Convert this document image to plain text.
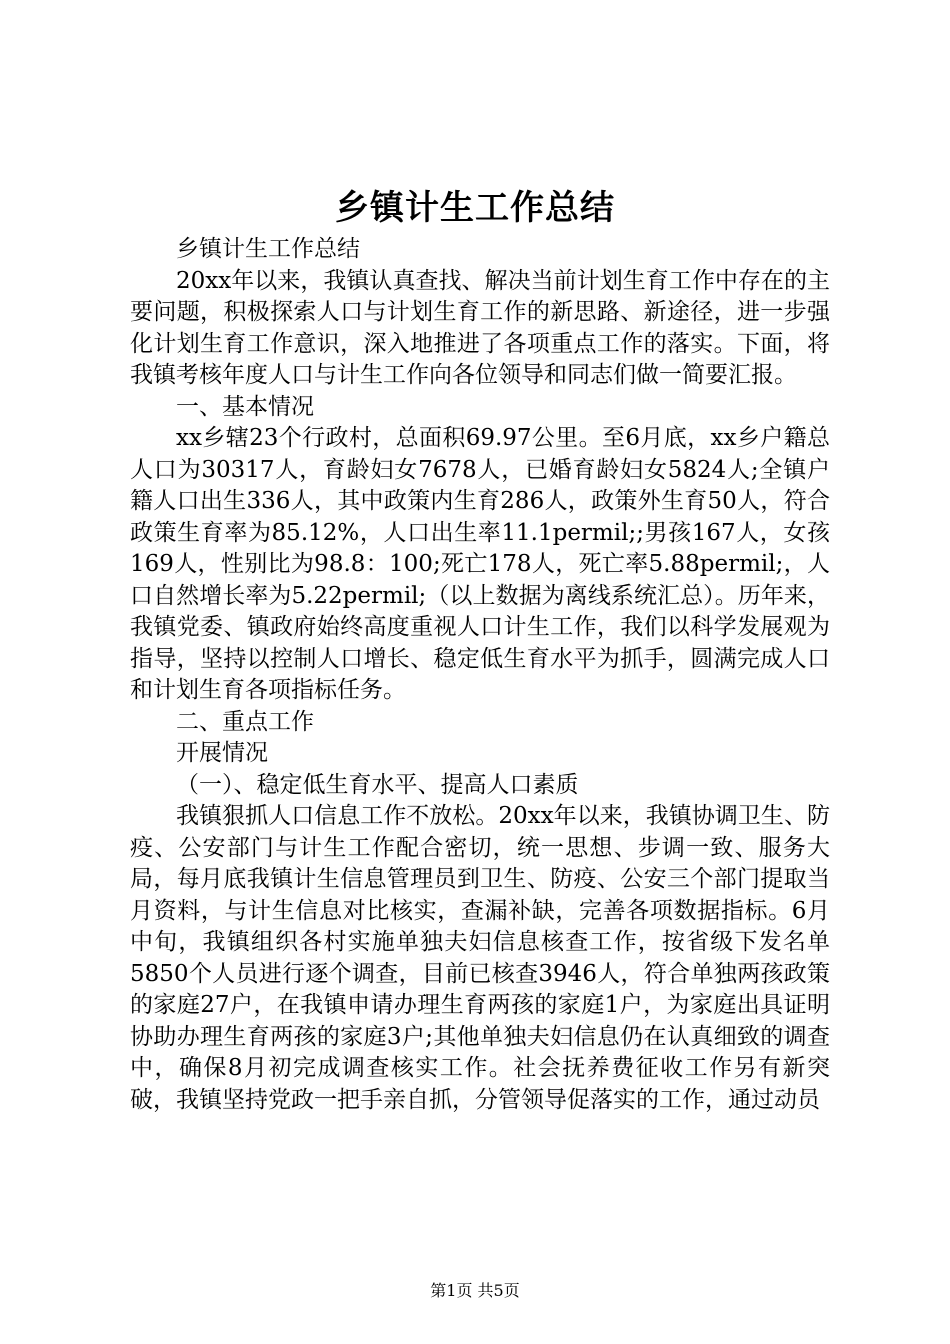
乡镇计生工作总结

乡镇计生工作总结

20xx年以来，我镇认真查找、解决当前计划生育工作中存在的主要问题，积极探索人口与计划生育工作的新思路、新途径，进一步强化计划生育工作意识，深入地推进了各项重点工作的落实。下面，将我镇考核年度人口与计生工作向各位领导和同志们做一简要汇报。

一、基本情况

xx乡辖23个行政村，总面积69.97公里。至6月底，xx乡户籍总人口为30317人，育龄妇女7678人，已婚育龄妇女5824人;全镇户籍人口出生336人，其中政策内生育286人，政策外生育50人，符合政策生育率为85.12%，人口出生率11.1permil;;男孩167人，女孩169人，性别比为98.8：100;死亡178人，死亡率5.88permil;，人口自然增长率为5.22permil;（以上数据为离线系统汇总）。历年来，我镇党委、镇政府始终高度重视人口计生工作，我们以科学发展观为指导，坚持以控制人口增长、稳定低生育水平为抓手，圆满完成人口和计划生育各项指标任务。

二、重点工作

开展情况

（一）、稳定低生育水平、提高人口素质

我镇狠抓人口信息工作不放松。20xx年以来，我镇协调卫生、防疫、公安部门与计生工作配合密切，统一思想、步调一致、服务大局，每月底我镇计生信息管理员到卫生、防疫、公安三个部门提取当月资料，与计生信息对比核实，查漏补缺，完善各项数据指标。6月中旬，我镇组织各村实施单独夫妇信息核查工作，按省级下发名单5850个人员进行逐个调查，目前已核查3946人，符合单独两孩政策的家庭27户，在我镇申请办理生育两孩的家庭1户，为家庭出具证明协助办理生育两孩的家庭3户;其他单独夫妇信息仍在认真细致的调查中，确保8月初完成调查核实工作。社会抚养费征收工作另有新突破，我镇坚持党政一把手亲自抓，分管领导促落实的工作，通过动员

第1页 共5页
